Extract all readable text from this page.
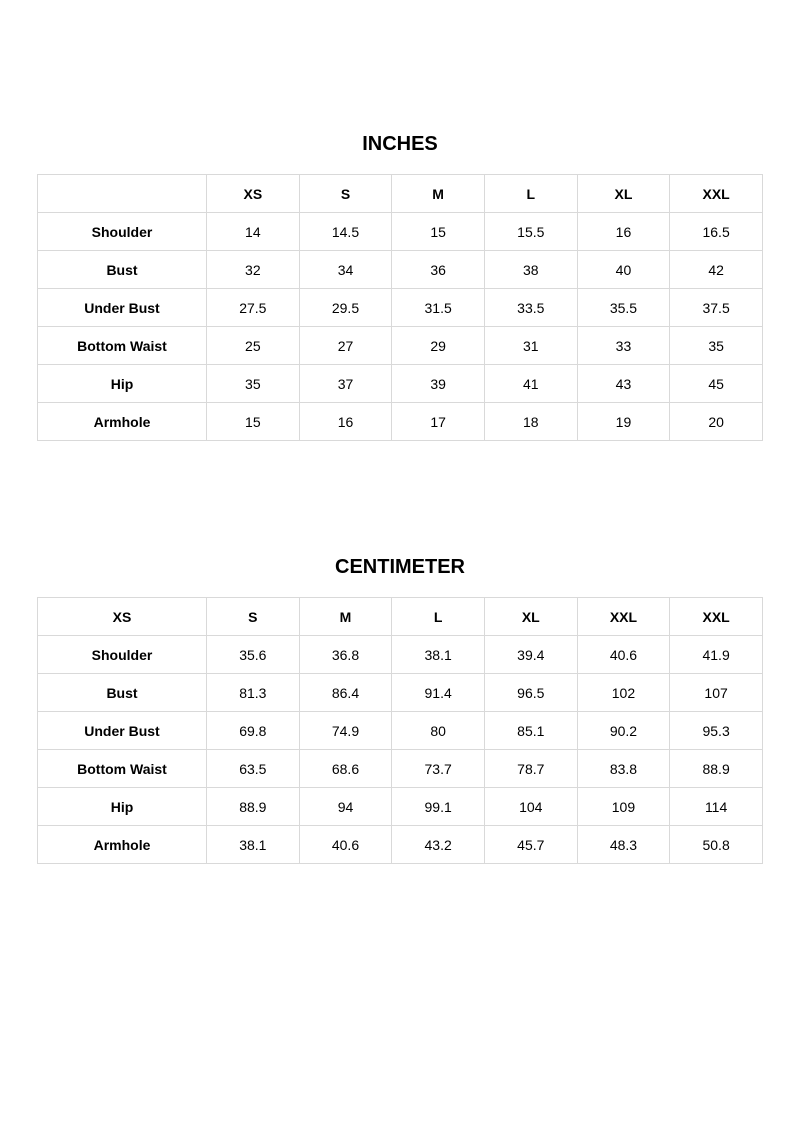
INCHES
	XS	S	M	L	XL	XXL
Shoulder	14	14.5	15	15.5	16	16.5
Bust	32	34	36	38	40	42
Under Bust	27.5	29.5	31.5	33.5	35.5	37.5
Bottom Waist	25	27	29	31	33	35
Hip	35	37	39	41	43	45
Armhole	15	16	17	18	19	20
CENTIMETER
XS	S	M	L	XL	XXL	XXL
Shoulder	35.6	36.8	38.1	39.4	40.6	41.9
Bust	81.3	86.4	91.4	96.5	102	107
Under Bust	69.8	74.9	80	85.1	90.2	95.3
Bottom Waist	63.5	68.6	73.7	78.7	83.8	88.9
Hip	88.9	94	99.1	104	109	114
Armhole	38.1	40.6	43.2	45.7	48.3	50.8
